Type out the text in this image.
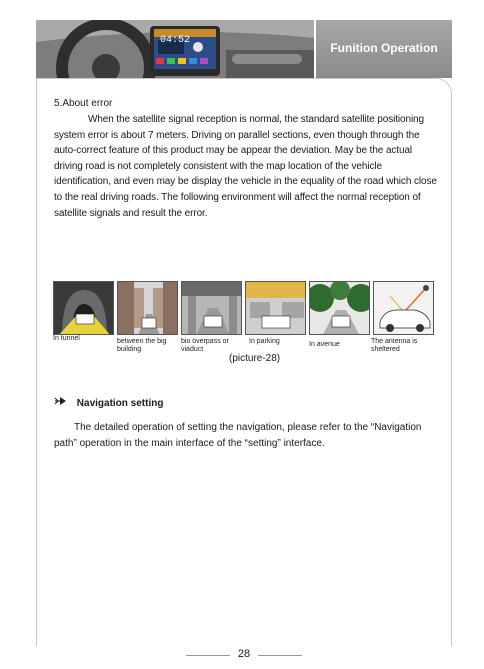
04:52
Funition Operation

5.About error

When the satellite signal reception is normal, the standard satellite positioning system error is about 7 meters. Driving on parallel sections, even though through the auto-correct feature of this product may be appear the deviation. May be the actual driving road is not completely consistent with the map location of the vehicle identification, and even may be display the vehicle in the equality of the road which close to the real driving roads. The following environment will affect the normal reception of satellite signals and result the error.

In tunnel	between the big building
bio overpass or viaduct
In parking	In avenue	The antenna is sheltered
(picture-28)
Navigation setting
The detailed operation of setting the navigation, please refer to the “Navigation path” operation in the main interface of the “setting” interface.
28
